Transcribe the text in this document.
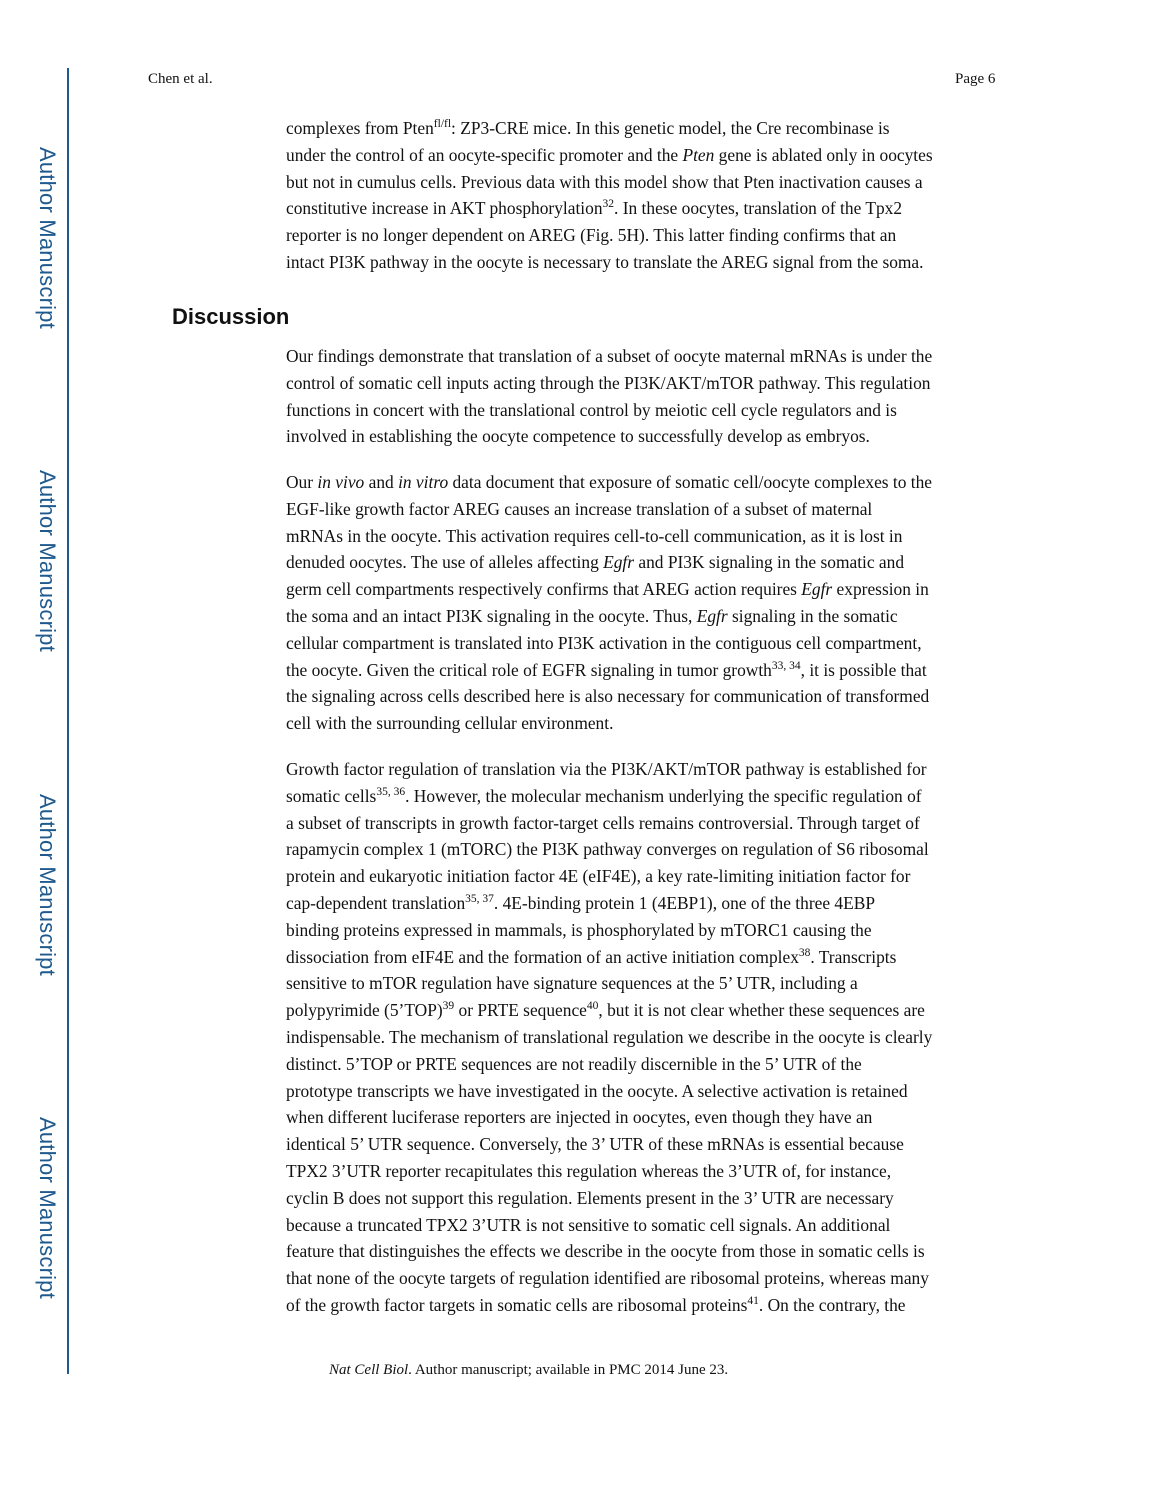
Author Manuscript
Author Manuscript
Author Manuscript
Author Manuscript
Chen et al.	Page 6

complexes from Pten$^{fl/fl}$: ZP3-CRE mice. In this genetic model, the Cre recombinase is
under the control of an oocyte-specific promoter and the Pten gene is ablated only in oocytes
but not in cumulus cells. Previous data with this model show that Pten inactivation causes a
constitutive increase in AKT phosphorylation$^{32}$. In these oocytes, translation of the Tpx2
reporter is no longer dependent on AREG (Fig. 5H). This latter finding confirms that an
intact PI3K pathway in the oocyte is necessary to translate the AREG signal from the soma.

Discussion

Our findings demonstrate that translation of a subset of oocyte maternal mRNAs is under the
control of somatic cell inputs acting through the PI3K/AKT/mTOR pathway. This regulation
functions in concert with the translational control by meiotic cell cycle regulators and is
involved in establishing the oocyte competence to successfully develop as embryos.

Our in vivo and in vitro data document that exposure of somatic cell/oocyte complexes to the
EGF-like growth factor AREG causes an increase translation of a subset of maternal
mRNAs in the oocyte. This activation requires cell-to-cell communication, as it is lost in
denuded oocytes. The use of alleles affecting Egfr and PI3K signaling in the somatic and
germ cell compartments respectively confirms that AREG action requires Egfr expression in
the soma and an intact PI3K signaling in the oocyte. Thus, Egfr signaling in the somatic
cellular compartment is translated into PI3K activation in the contiguous cell compartment,
the oocyte. Given the critical role of EGFR signaling in tumor growth$^{33, 34}$, it is possible that
the signaling across cells described here is also necessary for communication of transformed
cell with the surrounding cellular environment.

Growth factor regulation of translation via the PI3K/AKT/mTOR pathway is established for
somatic cells$^{35, 36}$. However, the molecular mechanism underlying the specific regulation of
a subset of transcripts in growth factor-target cells remains controversial. Through target of
rapamycin complex 1 (mTORC) the PI3K pathway converges on regulation of S6 ribosomal
protein and eukaryotic initiation factor 4E (eIF4E), a key rate-limiting initiation factor for
cap-dependent translation$^{35, 37}$. 4E-binding protein 1 (4EBP1), one of the three 4EBP
binding proteins expressed in mammals, is phosphorylated by mTORC1 causing the
dissociation from eIF4E and the formation of an active initiation complex$^{38}$. Transcripts
sensitive to mTOR regulation have signature sequences at the 5’ UTR, including a
polypyrimide (5’TOP)$^{39}$ or PRTE sequence$^{40}$, but it is not clear whether these sequences are
indispensable. The mechanism of translational regulation we describe in the oocyte is clearly
distinct. 5’TOP or PRTE sequences are not readily discernible in the 5’ UTR of the
prototype transcripts we have investigated in the oocyte. A selective activation is retained
when different luciferase reporters are injected in oocytes, even though they have an
identical 5’ UTR sequence. Conversely, the 3’ UTR of these mRNAs is essential because
TPX2 3’UTR reporter recapitulates this regulation whereas the 3’UTR of, for instance,
cyclin B does not support this regulation. Elements present in the 3’ UTR are necessary
because a truncated TPX2 3’UTR is not sensitive to somatic cell signals. An additional
feature that distinguishes the effects we describe in the oocyte from those in somatic cells is
that none of the oocyte targets of regulation identified are ribosomal proteins, whereas many
of the growth factor targets in somatic cells are ribosomal proteins$^{41}$. On the contrary, the

Nat Cell Biol. Author manuscript; available in PMC 2014 June 23.
